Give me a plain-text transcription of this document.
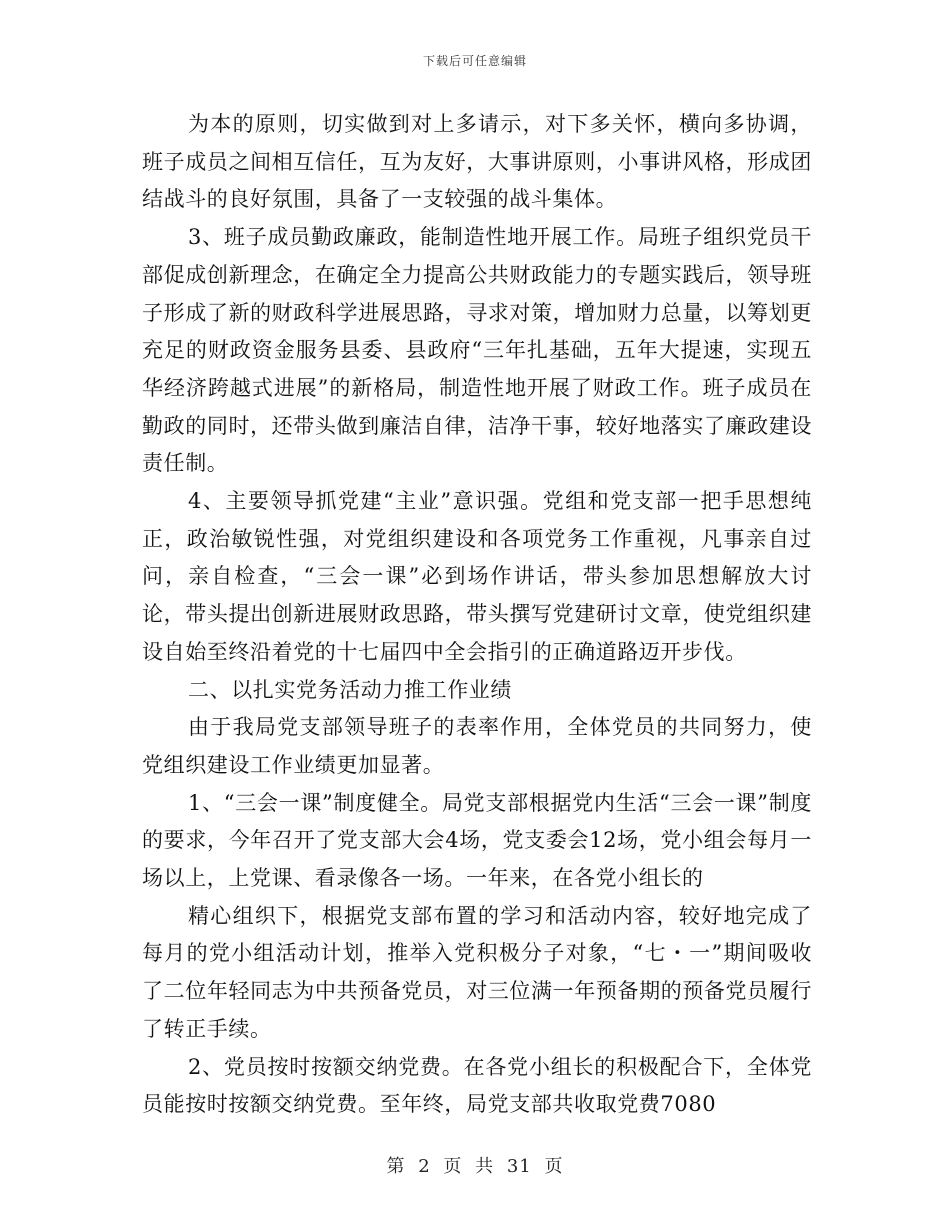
下载后可任意编辑

为本的原则，切实做到对上多请示，对下多关怀，横向多协调，班子成员之间相互信任，互为友好，大事讲原则，小事讲风格，形成团结战斗的良好氛围，具备了一支较强的战斗集体。

3、班子成员勤政廉政，能制造性地开展工作。局班子组织党员干部促成创新理念，在确定全力提高公共财政能力的专题实践后，领导班子形成了新的财政科学进展思路，寻求对策，增加财力总量，以筹划更充足的财政资金服务县委、县政府“三年扎基础，五年大提速，实现五华经济跨越式进展”的新格局，制造性地开展了财政工作。班子成员在勤政的同时，还带头做到廉洁自律，洁净干事，较好地落实了廉政建设责任制。

4、主要领导抓党建“主业”意识强。党组和党支部一把手思想纯正，政治敏锐性强，对党组织建设和各项党务工作重视，凡事亲自过问，亲自检查，“三会一课”必到场作讲话，带头参加思想解放大讨论，带头提出创新进展财政思路，带头撰写党建研讨文章，使党组织建设自始至终沿着党的十七届四中全会指引的正确道路迈开步伐。

二、以扎实党务活动力推工作业绩

由于我局党支部领导班子的表率作用，全体党员的共同努力，使党组织建设工作业绩更加显著。

1、“三会一课”制度健全。局党支部根据党内生活“三会一课”制度的要求，今年召开了党支部大会4场，党支委会12场，党小组会每月一场以上，上党课、看录像各一场。一年来，在各党小组长的

精心组织下，根据党支部布置的学习和活动内容，较好地完成了每月的党小组活动计划，推举入党积极分子对象，“七・一”期间吸收了二位年轻同志为中共预备党员，对三位满一年预备期的预备党员履行了转正手续。

2、党员按时按额交纳党费。在各党小组长的积极配合下，全体党员能按时按额交纳党费。至年终，局党支部共收取党费7080

第 2 页 共 31 页
